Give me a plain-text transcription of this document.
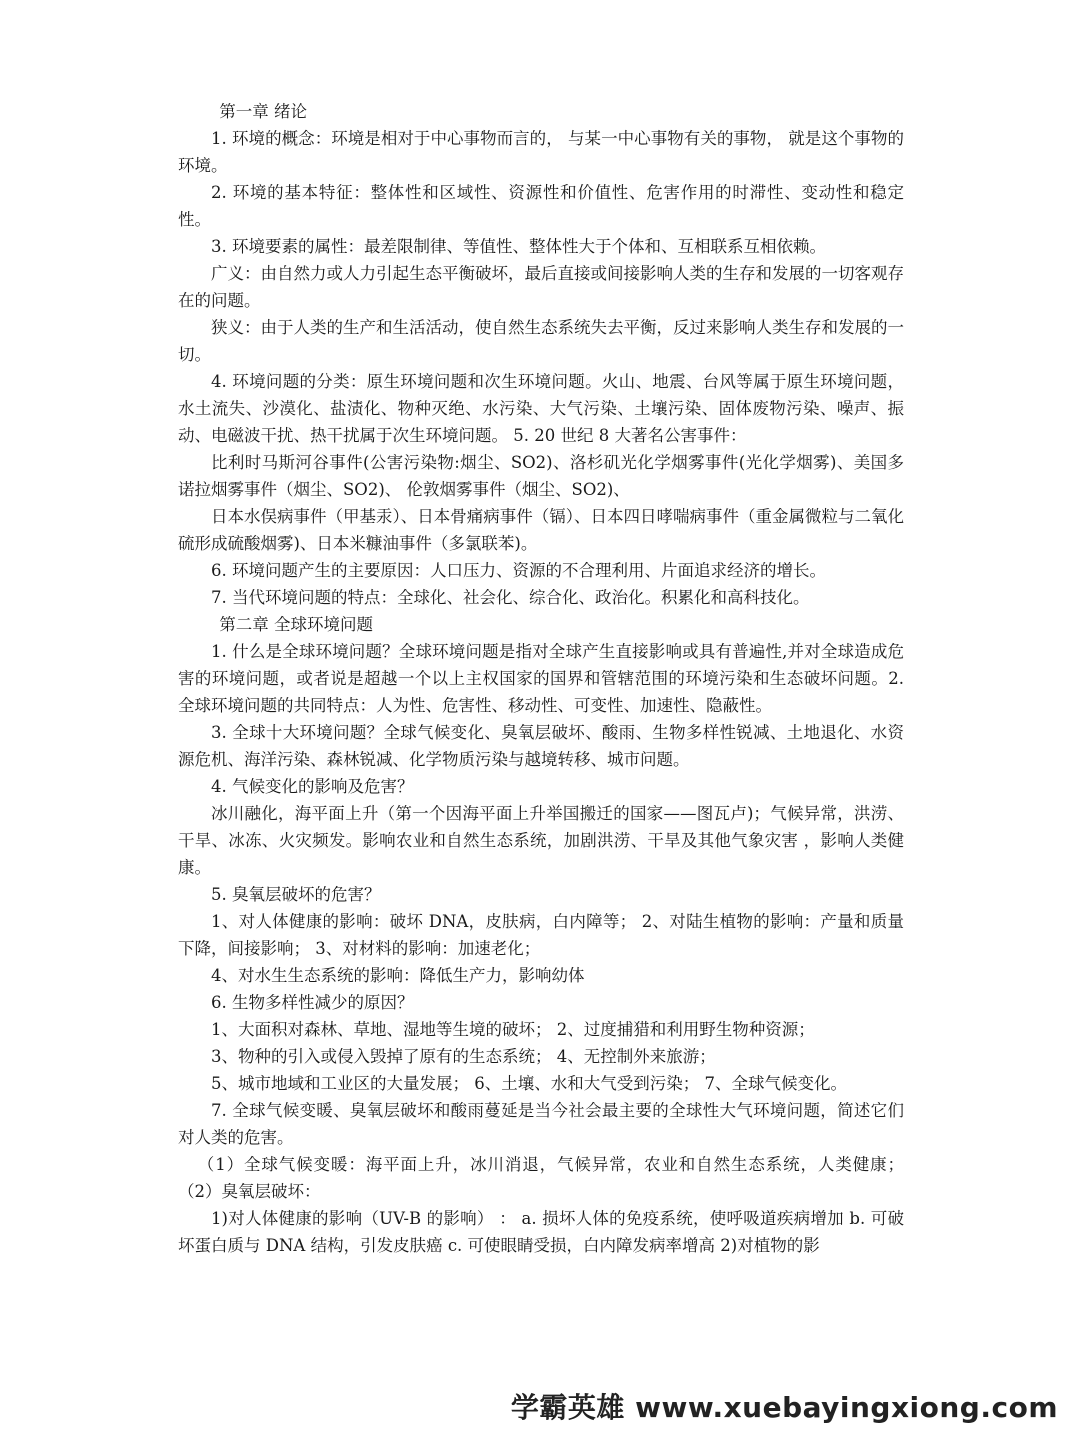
第一章 绪论

1. 环境的概念：环境是相对于中心事物而言的， 与某一中心事物有关的事物， 就是这个事物的环境。

2. 环境的基本特征：整体性和区域性、资源性和价值性、危害作用的时滞性、变动性和稳定性。

3. 环境要素的属性：最差限制律、等值性、整体性大于个体和、互相联系互相依赖。

广义：由自然力或人力引起生态平衡破坏，最后直接或间接影响人类的生存和发展的一切客观存在的问题。

狭义：由于人类的生产和生活活动，使自然生态系统失去平衡，反过来影响人类生存和发展的一切。

4. 环境问题的分类：原生环境问题和次生环境问题。火山、地震、台风等属于原生环境问题，水土流失、沙漠化、盐渍化、物种灭绝、水污染、大气污染、土壤污染、固体废物污染、噪声、振动、电磁波干扰、热干扰属于次生环境问题。 5. 20 世纪 8 大著名公害事件：

比利时马斯河谷事件(公害污染物:烟尘、SO2)、洛杉矶光化学烟雾事件(光化学烟雾)、美国多诺拉烟雾事件（烟尘、SO2)、 伦敦烟雾事件（烟尘、SO2)、

日本水俣病事件（甲基汞）、日本骨痛病事件（镉）、日本四日哮喘病事件（重金属微粒与二氧化硫形成硫酸烟雾)、日本米糠油事件（多氯联苯)。

6. 环境问题产生的主要原因：人口压力、资源的不合理利用、片面追求经济的增长。

7. 当代环境问题的特点：全球化、社会化、综合化、政治化。积累化和高科技化。

第二章 全球环境问题

1. 什么是全球环境问题？全球环境问题是指对全球产生直接影响或具有普遍性,并对全球造成危害的环境问题，或者说是超越一个以上主权国家的国界和管辖范围的环境污染和生态破坏问题。2. 全球环境问题的共同特点：人为性、危害性、移动性、可变性、加速性、隐蔽性。

3. 全球十大环境问题？全球气候变化、臭氧层破坏、酸雨、生物多样性锐减、土地退化、水资源危机、海洋污染、森林锐减、化学物质污染与越境转移、城市问题。

4. 气候变化的影响及危害？

冰川融化，海平面上升（第一个因海平面上升举国搬迁的国家——图瓦卢)；气候异常，洪涝、干旱、冰冻、火灾频发。影响农业和自然生态系统，加剧洪涝、干旱及其他气象灾害 ，影响人类健康。

5. 臭氧层破坏的危害？

1、对人体健康的影响：破坏 DNA，皮肤病，白内障等； 2、对陆生植物的影响：产量和质量下降，间接影响； 3、对材料的影响：加速老化；

4、对水生生态系统的影响：降低生产力，影响幼体

6. 生物多样性减少的原因？

1、大面积对森林、草地、湿地等生境的破坏； 2、过度捕猎和利用野生物种资源；

3、物种的引入或侵入毁掉了原有的生态系统； 4、无控制外来旅游；

5、城市地域和工业区的大量发展； 6、土壤、水和大气受到污染； 7、全球气候变化。

7. 全球气候变暖、臭氧层破坏和酸雨蔓延是当今社会最主要的全球性大气环境问题，简述它们对人类的危害。

（1）全球气候变暖：海平面上升，冰川消退，气候异常，农业和自然生态系统，人类健康； （2）臭氧层破坏：

1)对人体健康的影响（UV-B 的影响） ： a. 损坏人体的免疫系统，使呼吸道疾病增加 b. 可破坏蛋白质与 DNA 结构，引发皮肤癌 c. 可使眼睛受损，白内障发病率增高 2)对植物的影

学霸英雄 www.xuebayingxiong.com
